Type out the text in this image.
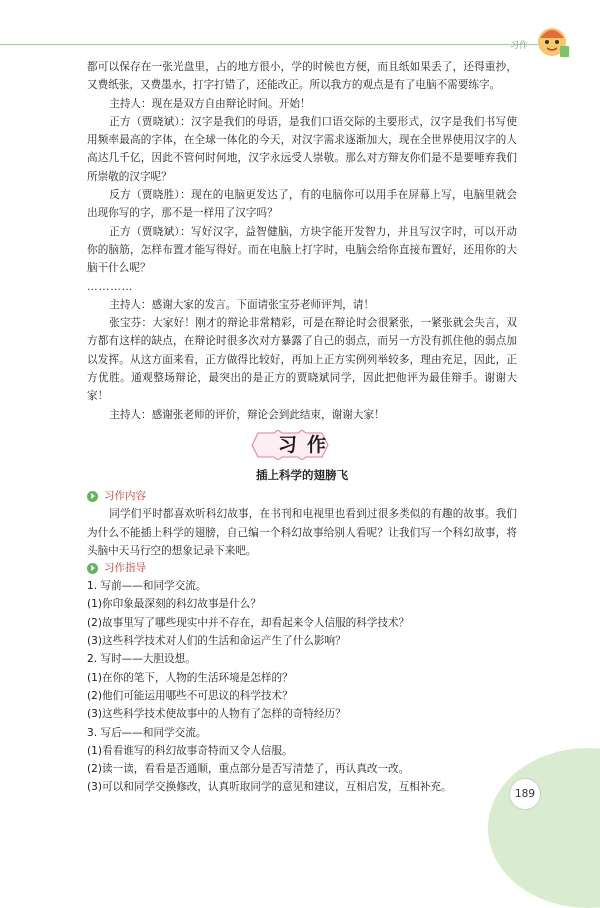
习作

都可以保存在一张光盘里，占的地方很小，学的时候也方便，而且纸如果丢了，还得重抄，又费纸张，又费墨水，打字打错了，还能改正。所以我方的观点是有了电脑不需要练字。

主持人：现在是双方自由辩论时间。开始！

正方（贾晓斌）：汉字是我们的母语，是我们口语交际的主要形式，汉字是我们书写使用频率最高的字体，在全球一体化的今天，对汉字需求逐渐加大，现在全世界使用汉字的人高达几千亿，因此不管何时何地，汉字永远受人崇敬。那么对方辩友你们是不是要唾弃我们所崇敬的汉字呢？

反方（贾晓胜）：现在的电脑更发达了，有的电脑你可以用手在屏幕上写，电脑里就会出现你写的字，那不是一样用了汉字吗？

正方（贾晓斌）：写好汉字，益智健脑，方块字能开发智力，并且写汉字时，可以开动你的脑筋，怎样布置才能写得好。而在电脑上打字时，电脑会给你直接布置好，还用你的大脑干什么呢？

…………

主持人：感谢大家的发言。下面请张宝芬老师评判，请！

张宝芬：大家好！刚才的辩论非常精彩，可是在辩论时会很紧张，一紧张就会失言，双方都有这样的缺点，在辩论时很多次对方暴露了自己的弱点，而另一方没有抓住他的弱点加以发挥。从这方面来看，正方做得比较好，再加上正方实例列举较多，理由充足，因此，正方优胜。通观整场辩论，最突出的是正方的贾晓斌同学，因此把他评为最佳辩手。谢谢大家！

主持人：感谢张老师的评价，辩论会到此结束，谢谢大家！

习作
插上科学的翅膀飞
习作内容

同学们平时都喜欢听科幻故事，在书刊和电视里也看到过很多类似的有趣的故事。我们为什么不能插上科学的翅膀，自己编一个科幻故事给别人看呢？让我们写一个科幻故事，将头脑中天马行空的想象记录下来吧。

习作指导

1. 写前——和同学交流。

(1)你印象最深刻的科幻故事是什么？

(2)故事里写了哪些现实中并不存在，却看起来令人信服的科学技术？

(3)这些科学技术对人们的生活和命运产生了什么影响？

2. 写时——大胆设想。

(1)在你的笔下，人物的生活环境是怎样的？

(2)他们可能运用哪些不可思议的科学技术？

(3)这些科学技术使故事中的人物有了怎样的奇特经历？

3. 写后——和同学交流。

(1)看看谁写的科幻故事奇特而又令人信服。

(2)读一读，看看是否通顺，重点部分是否写清楚了，再认真改一改。

(3)可以和同学交换修改，认真听取同学的意见和建议，互相启发，互相补充。

189
